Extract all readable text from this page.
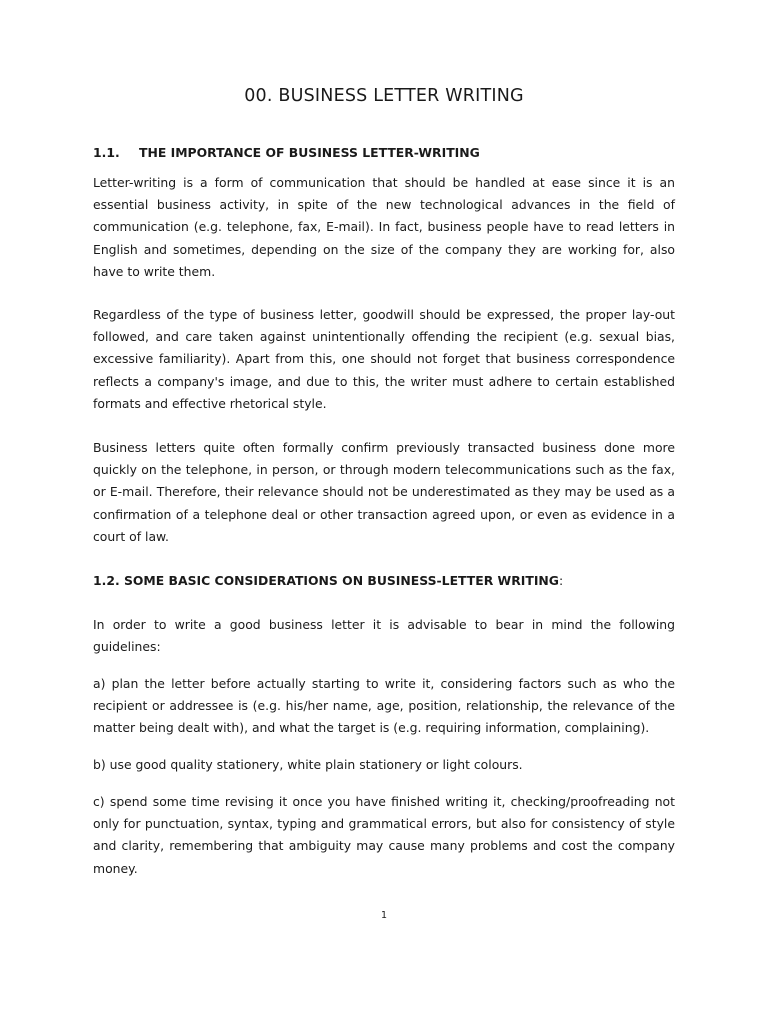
00. BUSINESS LETTER WRITING
1.1. THE IMPORTANCE OF BUSINESS LETTER-WRITING

Letter-writing is a form of communication that should be handled at ease since it is an essential business activity, in spite of the new technological advances in the field of communication (e.g. telephone, fax, E-mail). In fact, business people have to read letters in English and sometimes, depending on the size of the company they are working for, also have to write them.

Regardless of the type of business letter, goodwill should be expressed, the proper lay-out followed, and care taken against unintentionally offending the recipient (e.g. sexual bias, excessive familiarity). Apart from this, one should not forget that business correspondence reflects a company's image, and due to this, the writer must adhere to certain established formats and effective rhetorical style.

Business letters quite often formally confirm previously transacted business done more quickly on the telephone, in person, or through modern telecommunications such as the fax, or E-mail. Therefore, their relevance should not be underestimated as they may be used as a confirmation of a telephone deal or other transaction agreed upon, or even as evidence in a court of law.

1.2. SOME BASIC CONSIDERATIONS ON BUSINESS-LETTER WRITING:

In order to write a good business letter it is advisable to bear in mind the following guidelines:

a) plan the letter before actually starting to write it, considering factors such as who the recipient or addressee is (e.g. his/her name, age, position, relationship, the relevance of the matter being dealt with), and what the target is (e.g. requiring information, complaining).

b) use good quality stationery, white plain stationery or light colours.

c) spend some time revising it once you have finished writing it, checking/proofreading not only for punctuation, syntax, typing and grammatical errors, but also for consistency of style and clarity, remembering that ambiguity may cause many problems and cost the company money.

1
